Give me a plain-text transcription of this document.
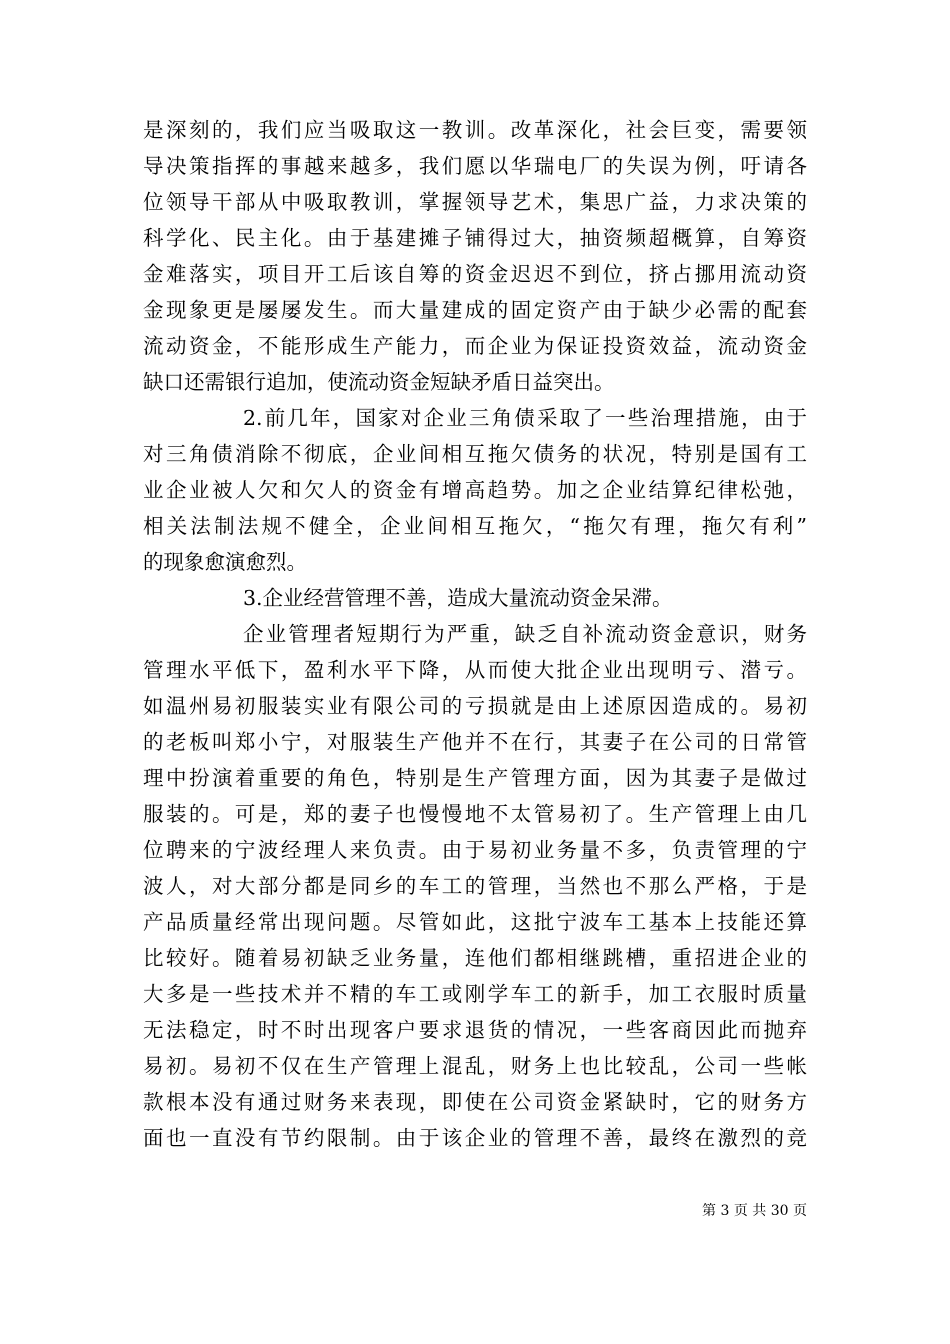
是深刻的，我们应当吸取这一教训。改革深化，社会巨变，需要领
导决策指挥的事越来越多，我们愿以华瑞电厂的失误为例，吁请各
位领导干部从中吸取教训，掌握领导艺术，集思广益，力求决策的
科学化、民主化。由于基建摊子铺得过大，抽资频超概算，自筹资
金难落实，项目开工后该自筹的资金迟迟不到位，挤占挪用流动资
金现象更是屡屡发生。而大量建成的固定资产由于缺少必需的配套
流动资金，不能形成生产能力，而企业为保证投资效益，流动资金
缺口还需银行追加，使流动资金短缺矛盾日益突出。
2.前几年，国家对企业三角债采取了一些治理措施，由于
对三角债消除不彻底，企业间相互拖欠债务的状况，特别是国有工
业企业被人欠和欠人的资金有增高趋势。加之企业结算纪律松弛，
相关法制法规不健全，企业间相互拖欠，“拖欠有理，拖欠有利”
的现象愈演愈烈。
3.企业经营管理不善，造成大量流动资金呆滞。
企业管理者短期行为严重，缺乏自补流动资金意识，财务
管理水平低下，盈利水平下降，从而使大批企业出现明亏、潜亏。
如温州易初服装实业有限公司的亏损就是由上述原因造成的。易初
的老板叫郑小宁，对服装生产他并不在行，其妻子在公司的日常管
理中扮演着重要的角色，特别是生产管理方面，因为其妻子是做过
服装的。可是，郑的妻子也慢慢地不太管易初了。生产管理上由几
位聘来的宁波经理人来负责。由于易初业务量不多，负责管理的宁
波人，对大部分都是同乡的车工的管理，当然也不那么严格，于是
产品质量经常出现问题。尽管如此，这批宁波车工基本上技能还算
比较好。随着易初缺乏业务量，连他们都相继跳槽，重招进企业的
大多是一些技术并不精的车工或刚学车工的新手，加工衣服时质量
无法稳定，时不时出现客户要求退货的情况，一些客商因此而抛弃
易初。易初不仅在生产管理上混乱，财务上也比较乱，公司一些帐
款根本没有通过财务来表现，即使在公司资金紧缺时，它的财务方
面也一直没有节约限制。由于该企业的管理不善，最终在激烈的竞
第 3 页 共 30 页
